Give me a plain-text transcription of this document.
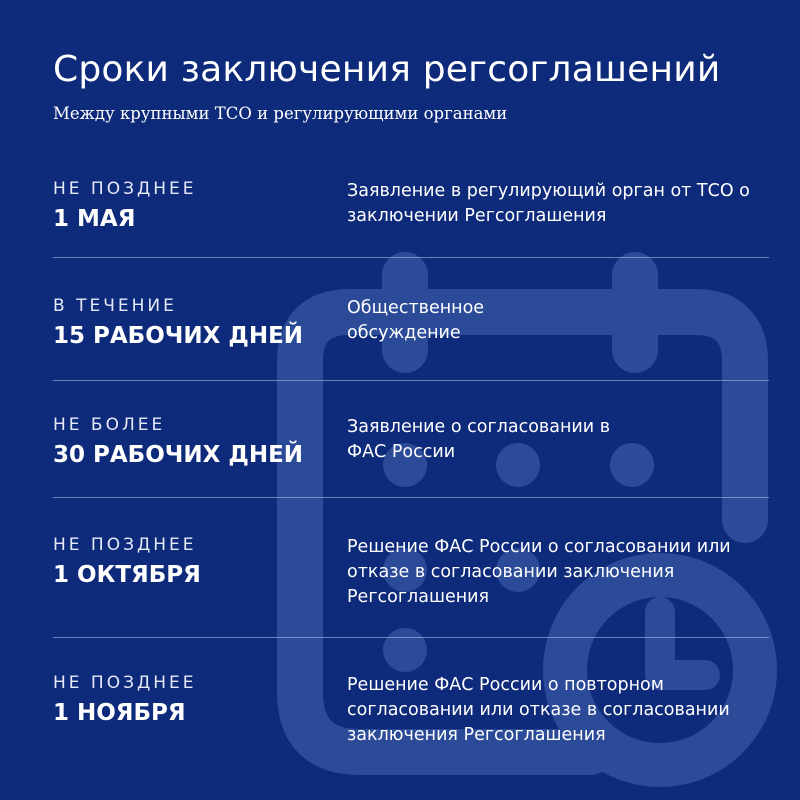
Сроки заключения регсоглашений
Между крупными ТСО и регулирующими органами
НЕ ПОЗДНЕЕ
1 МАЯ
Заявление в регулирующий орган от ТСО о заключении Регсоглашения
В ТЕЧЕНИЕ
15 РАБОЧИХ ДНЕЙ
Общественное обсуждение
НЕ БОЛЕЕ
30 РАБОЧИХ ДНЕЙ
Заявление о согласовании в ФАС России
НЕ ПОЗДНЕЕ
1 ОКТЯБРЯ
Решение ФАС России о согласовании или отказе в согласовании заключения Регсоглашения
НЕ ПОЗДНЕЕ
1 НОЯБРЯ
Решение ФАС России о повторном согласовании или отказе в согласовании заключения Регсоглашения
